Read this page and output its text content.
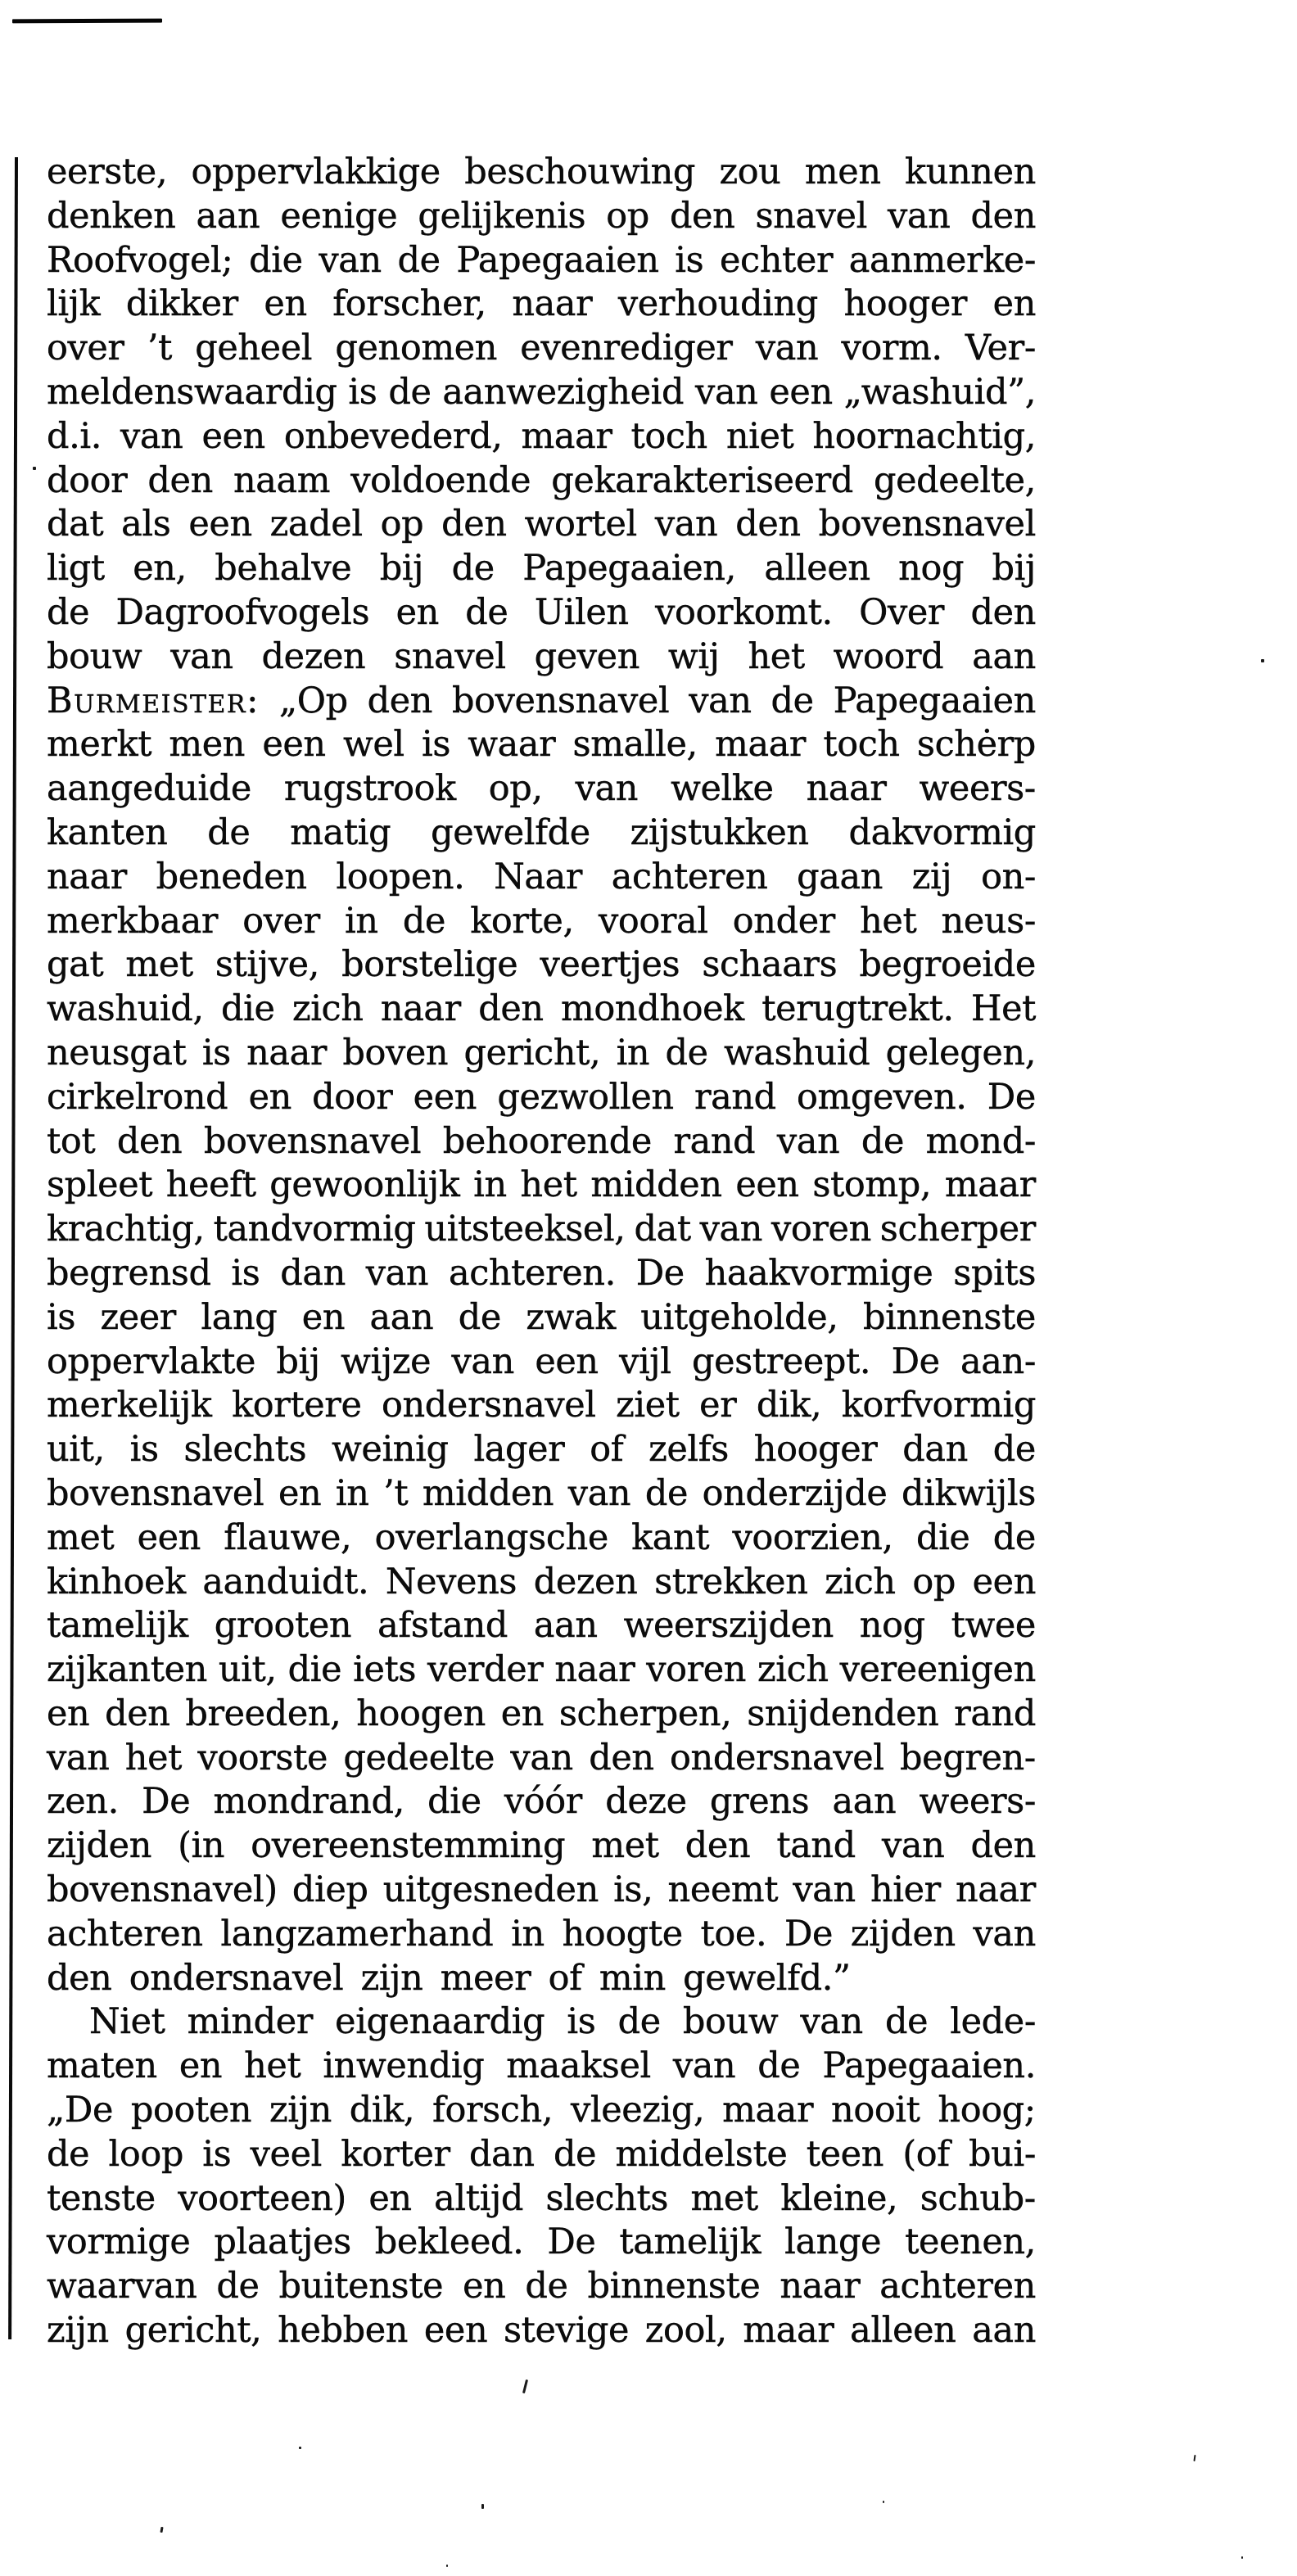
eerste, oppervlakkige beschouwing zou men kunnen
denken aan eenige gelijkenis op den snavel van den
Roofvogel; die van de Papegaaien is echter aanmerke-
lijk dikker en forscher, naar verhouding hooger en
over ’t geheel genomen evenrediger van vorm. Ver-
meldenswaardig is de aanwezigheid van een „washuid”,
d.i. van een onbevederd, maar toch niet hoornachtig,
door den naam voldoende gekarakteriseerd gedeelte,
dat als een zadel op den wortel van den bovensnavel
ligt en, behalve bij de Papegaaien, alleen nog bij
de Dagroofvogels en de Uilen voorkomt. Over den
bouw van dezen snavel geven wij het woord aan
Burmeister: „Op den bovensnavel van de Papegaaien
merkt men een wel is waar smalle, maar toch schėrp
aangeduide rugstrook op, van welke naar weers-
kanten de matig gewelfde zijstukken dakvormig
naar beneden loopen. Naar achteren gaan zij on-
merkbaar over in de korte, vooral onder het neus-
gat met stijve, borstelige veertjes schaars begroeide
washuid, die zich naar den mondhoek terugtrekt. Het
neusgat is naar boven gericht, in de washuid gelegen,
cirkelrond en door een gezwollen rand omgeven. De
tot den bovensnavel behoorende rand van de mond-
spleet heeft gewoonlijk in het midden een stomp, maar
krachtig, tandvormig uitsteeksel, dat van voren scherper
begrensd is dan van achteren. De haakvormige spits
is zeer lang en aan de zwak uitgeholde, binnenste
oppervlakte bij wijze van een vijl gestreept. De aan-
merkelijk kortere ondersnavel ziet er dik, korfvormig
uit, is slechts weinig lager of zelfs hooger dan de
bovensnavel en in ’t midden van de onderzijde dikwijls
met een flauwe, overlangsche kant voorzien, die de
kinhoek aanduidt. Nevens dezen strekken zich op een
tamelijk grooten afstand aan weerszijden nog twee
zijkanten uit, die iets verder naar voren zich vereenigen
en den breeden, hoogen en scherpen, snijdenden rand
van het voorste gedeelte van den ondersnavel begren-
zen. De mondrand, die vóór deze grens aan weers-
zijden (in overeenstemming met den tand van den
bovensnavel) diep uitgesneden is, neemt van hier naar
achteren langzamerhand in hoogte toe. De zijden van
den ondersnavel zijn meer of min gewelfd.”
Niet minder eigenaardig is de bouw van de lede-
maten en het inwendig maaksel van de Papegaaien.
„De pooten zijn dik, forsch, vleezig, maar nooit hoog;
de loop is veel korter dan de middelste teen (of bui-
tenste voorteen) en altijd slechts met kleine, schub-
vormige plaatjes bekleed. De tamelijk lange teenen,
waarvan de buitenste en de binnenste naar achteren
zijn gericht, hebben een stevige zool, maar alleen aan
